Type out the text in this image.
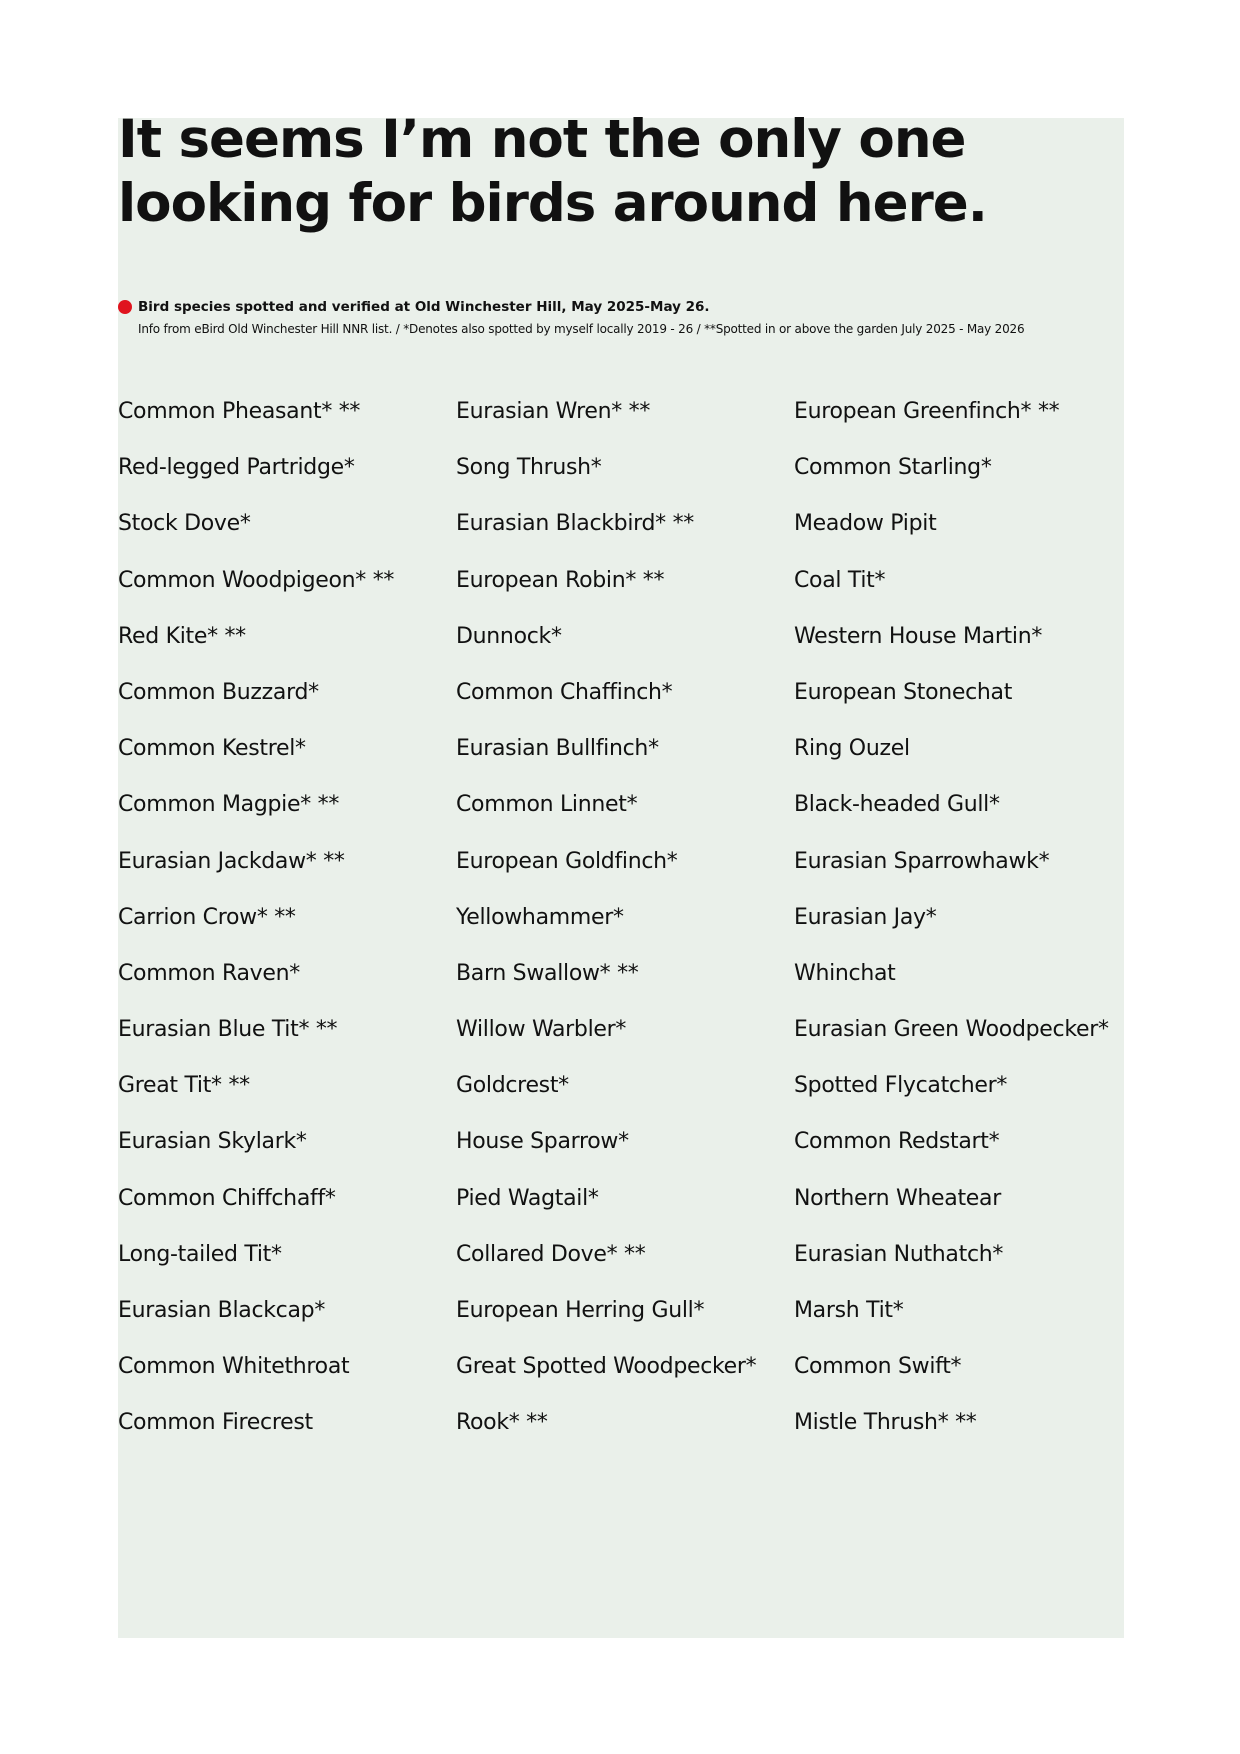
It seems I’m not the only one looking for birds around here.
Bird species spotted and verified at Old Winchester Hill, May 2025-May 26.
Info from eBird Old Winchester Hill NNR list. / *Denotes also spotted by myself locally 2019 - 26 / **Spotted in or above the garden July 2025 - May 2026
Common Pheasant* **
Red-legged Partridge*
Stock Dove*
Common Woodpigeon* **
Red Kite* **
Common Buzzard*
Common Kestrel*
Common Magpie* **
Eurasian Jackdaw* **
Carrion Crow* **
Common Raven*
Eurasian Blue Tit* **
Great Tit* **
Eurasian Skylark*
Common Chiffchaff*
Long-tailed Tit*
Eurasian Blackcap*
Common Whitethroat
Common Firecrest
Eurasian Wren* **
Song Thrush*
Eurasian Blackbird* **
European Robin* **
Dunnock*
Common Chaffinch*
Eurasian Bullfinch*
Common Linnet*
European Goldfinch*
Yellowhammer*
Barn Swallow* **
Willow Warbler*
Goldcrest*
House Sparrow*
Pied Wagtail*
Collared Dove* **
European Herring Gull*
Great Spotted Woodpecker*
Rook* **
European Greenfinch* **
Common Starling*
Meadow Pipit
Coal Tit*
Western House Martin*
European Stonechat
Ring Ouzel
Black-headed Gull*
Eurasian Sparrowhawk*
Eurasian Jay*
Whinchat
Eurasian Green Woodpecker*
Spotted Flycatcher*
Common Redstart*
Northern Wheatear
Eurasian Nuthatch*
Marsh Tit*
Common Swift*
Mistle Thrush* **
